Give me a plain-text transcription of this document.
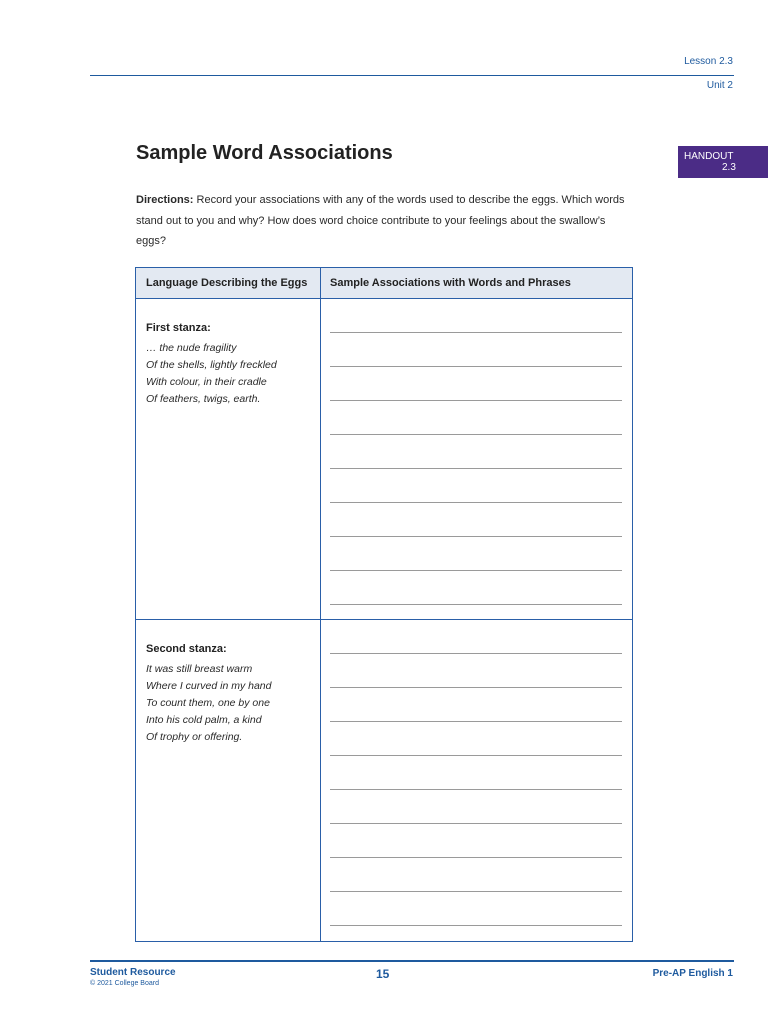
Lesson 2.3
Unit 2
HANDOUT
2.3
Sample Word Associations

Directions: Record your associations with any of the words used to describe the eggs. Which words stand out to you and why? How does word choice contribute to your feelings about the swallow’s eggs?

Language Describing the Eggs Sample Associations with Words and Phrases
First stanza:
… the nude fragility
Of the shells, lightly freckled
With colour, in their cradle
Of feathers, twigs, earth.
Second stanza:
It was still breast warm
Where I curved in my hand
To count them, one by one
Into his cold palm, a kind
Of trophy or offering.
Student Resource
© 2021 College Board
15	Pre-AP English 1
